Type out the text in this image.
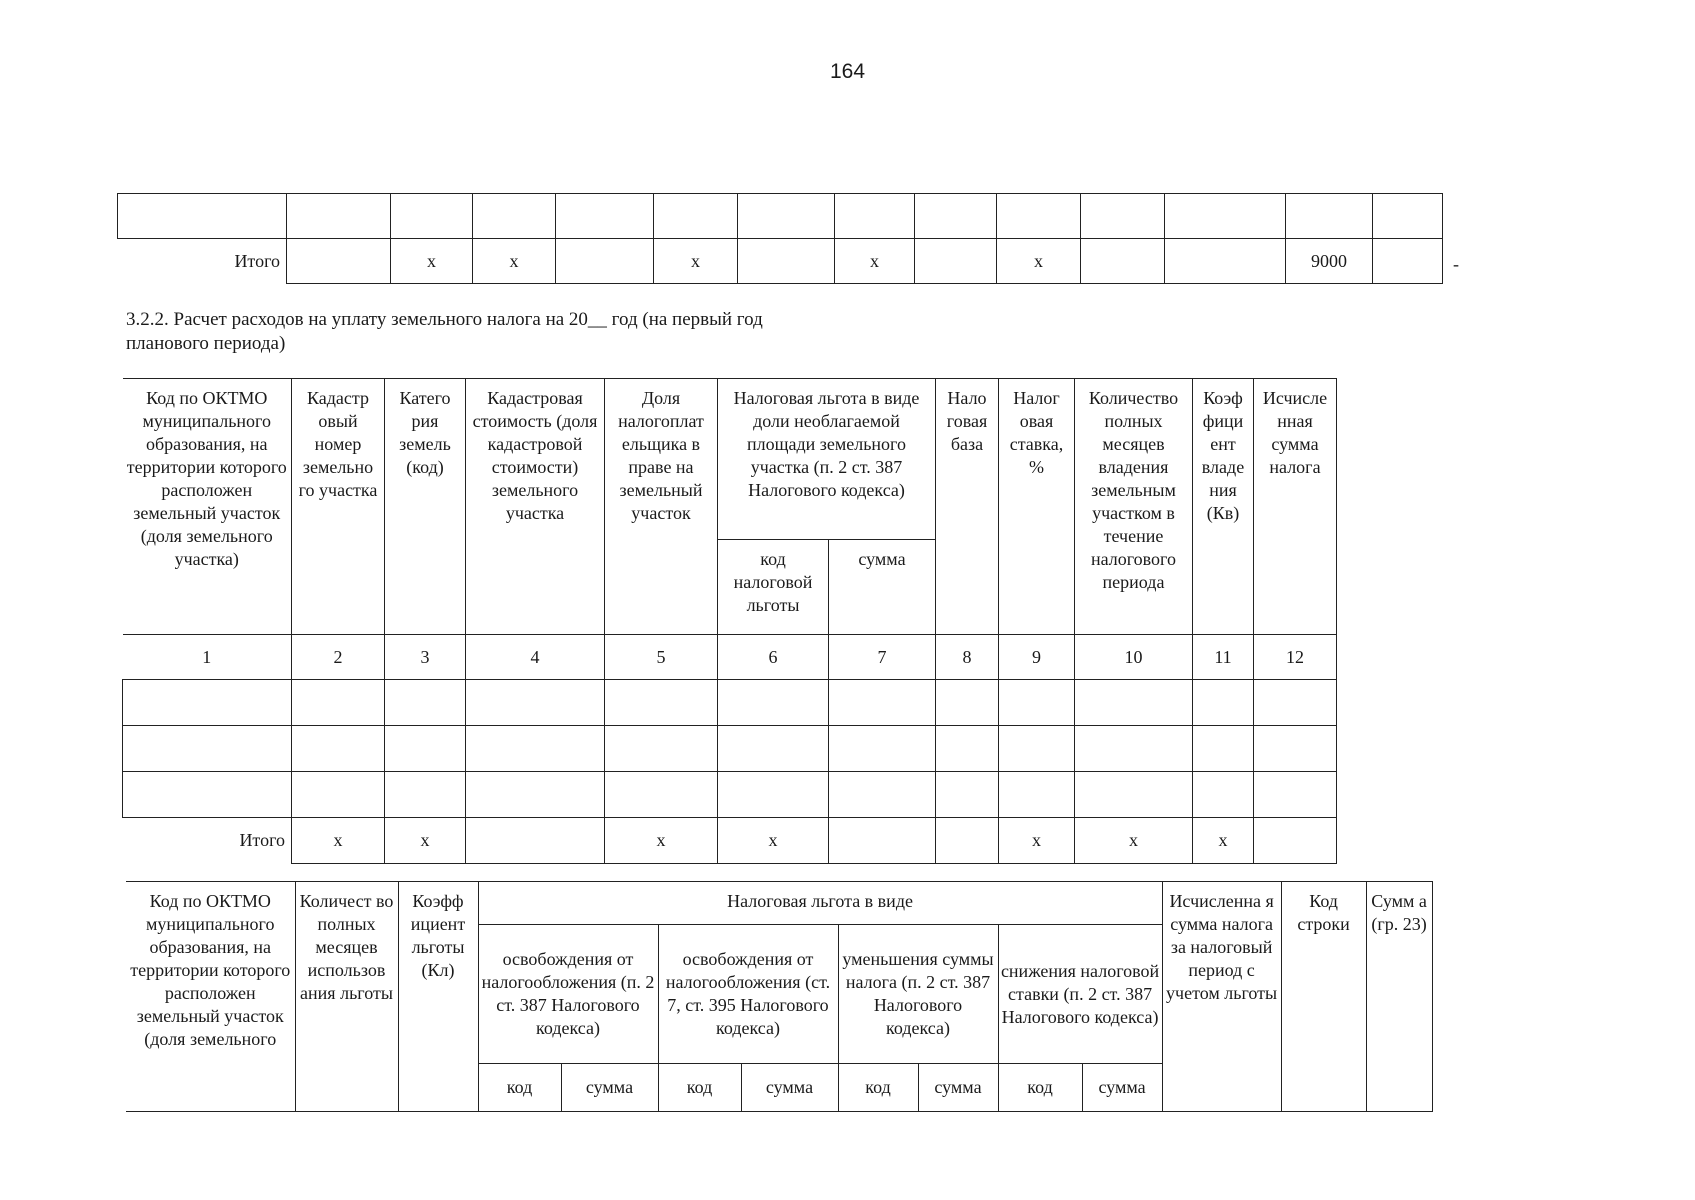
164

Итого		х	х		х		х		х			9000		-
3.2.2. Расчет расходов на уплату земельного налога на 20__ год (на первый год планового периода)
Код по ОКТМО муниципального образования, на территории которого расположен земельный участок (доля земельного участка)	Кадастр овый номер земельно го участка	Катего рия земель (код)	Кадастровая стоимость (доля кадастровой стоимости) земельного участка	Доля налогоплат ельщика в праве на земельный участок	Налоговая льгота в виде доли необлагаемой площади земельного участка (п. 2 ст. 387 Налогового кодекса)		Нало говая база	Налог овая ставка, %	Количество полных месяцев владения земельным участком в течение налогового периода	Коэф фици ент владе ния (Кв)	Исчисле нная сумма налога
					код налоговой льготы	сумма					
1	2	3	4	5	6	7	8	9	10	11	12

Итого	х	х		х	х			х	х	х	
Код по ОКТМО муниципального образования, на территории которого расположен земельный участок (доля земельного	Количест во полных месяцев использов ания льготы	Коэфф ициент льготы (Кл)	Налоговая льгота в виде								Исчисленна я сумма налога за налоговый период с учетом льготы	Код строки	Сумм а (гр. 23)
			освобождения от налогообложения (п. 2 ст. 387 Налогового кодекса)		освобождения от налогообложения (ст. 7, ст. 395 Налогового кодекса)		уменьшения суммы налога (п. 2 ст. 387 Налогового кодекса)		снижения налоговой ставки (п. 2 ст. 387 Налогового кодекса)				
			код	сумма	код	сумма	код	сумма	код	сумма			
